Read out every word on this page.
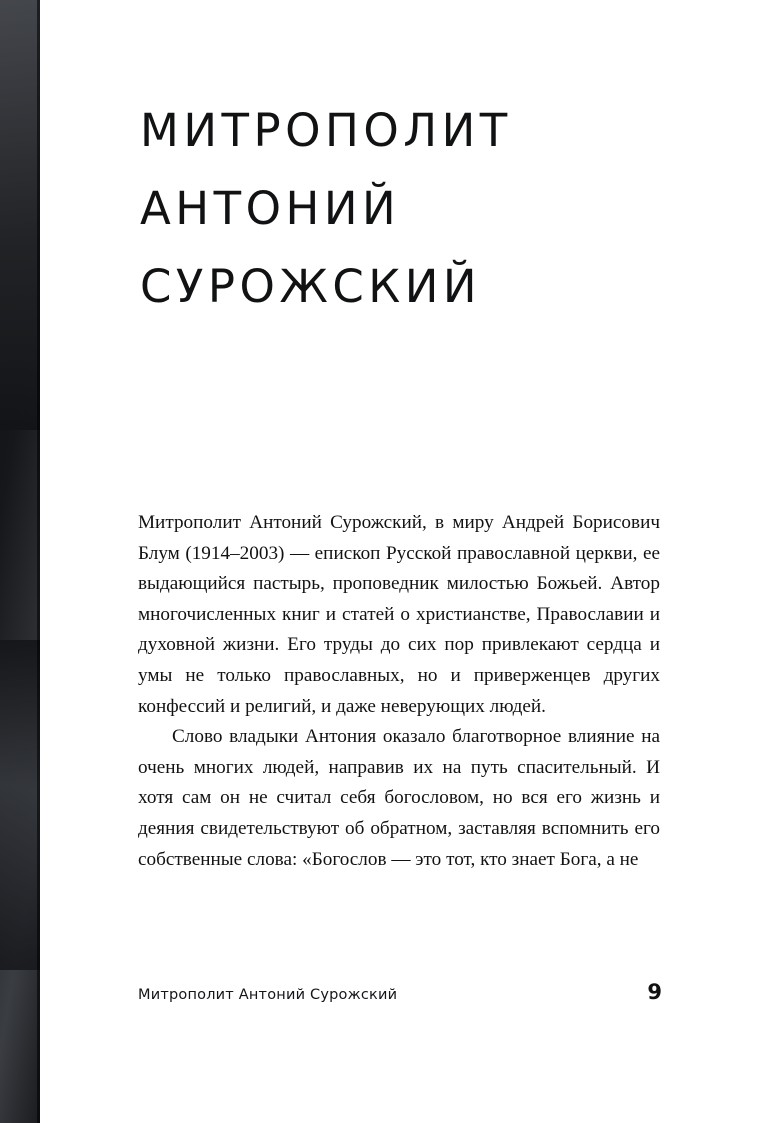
МИТРОПОЛИТ
АНТОНИЙ
СУРОЖСКИЙ

Митрополит Антоний Сурожский, в миру Андрей Борисович Блум (1914–2003) — епископ Русской православной церкви, ее выдающийся пастырь, проповедник милостью Божьей. Автор многочисленных книг и статей о христианстве, Православии и духовной жизни. Его труды до сих пор привлекают сердца и умы не только православных, но и приверженцев других конфессий и религий, и даже неверующих людей.

Слово владыки Антония оказало благотворное влияние на очень многих людей, направив их на путь спасительный. И хотя сам он не считал себя богословом, но вся его жизнь и деяния свидетельствуют об обратном, заставляя вспомнить его собственные слова: «Богослов — это тот, кто знает Бога, а не

Митрополит Антоний Сурожский	9
